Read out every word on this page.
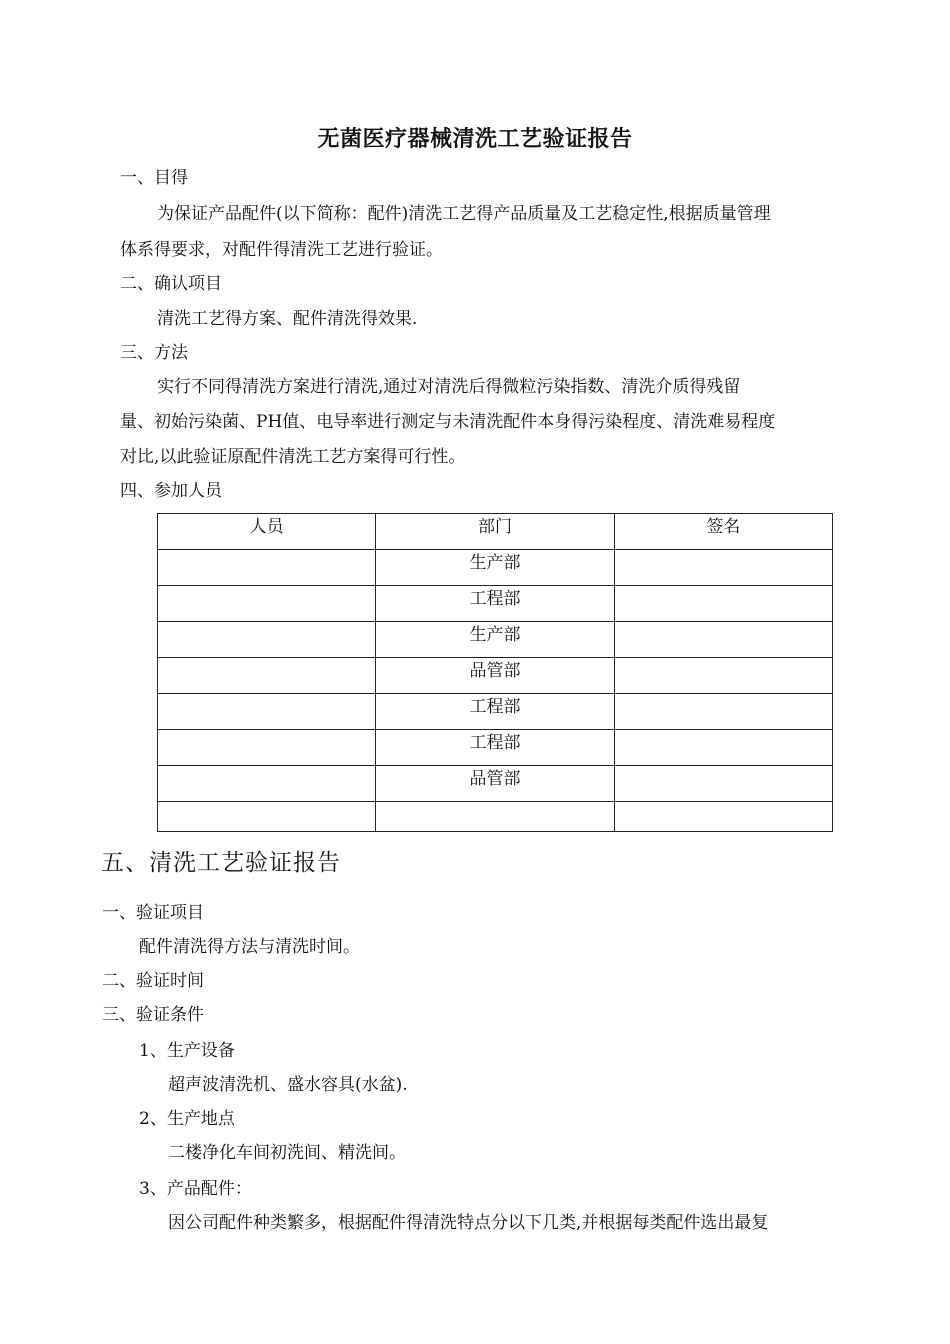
无菌医疗器械清洗工艺验证报告
一、目得
为保证产品配件(以下简称：配件)清洗工艺得产品质量及工艺稳定性,根据质量管理
体系得要求，对配件得清洗工艺进行验证。
二、确认项目
清洗工艺得方案、配件清洗得效果.
三、方法
实行不同得清洗方案进行清洗,通过对清洗后得微粒污染指数、清洗介质得残留
量、初始污染菌、PH值、电导率进行测定与未清洗配件本身得污染程度、清洗难易程度
对比,以此验证原配件清洗工艺方案得可行性。
四、参加人员
人员	部门	签名
	生产部	
	工程部	
	生产部	
	品管部	
	工程部	
	工程部	
	品管部	

五、清洗工艺验证报告
一、验证项目
配件清洗得方法与清洗时间。
二、验证时间
三、验证条件
1、生产设备
超声波清洗机、盛水容具(水盆).
2、生产地点
二楼净化车间初洗间、精洗间。
3、产品配件：
因公司配件种类繁多，根据配件得清洗特点分以下几类,并根据每类配件选出最复
